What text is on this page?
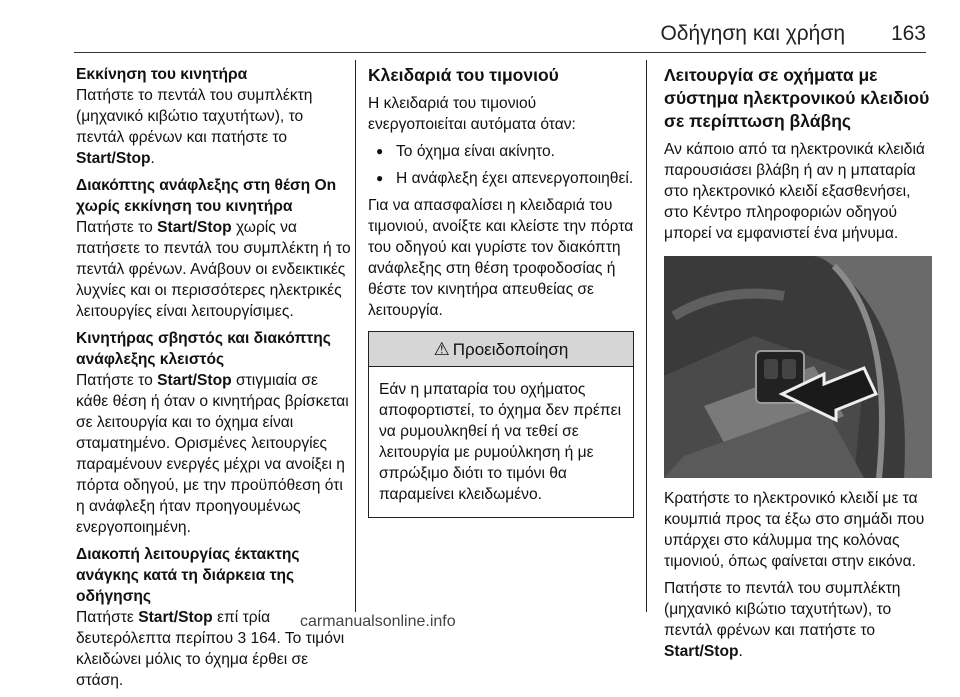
Οδήγηση και χρήση 163
Εκκίνηση του κινητήρα

Πατήστε το πεντάλ του συμπλέκτη (μηχανικό κιβώτιο ταχυτήτων), το πεντάλ φρένων και πατήστε το Start/Stop.

Διακόπτης ανάφλεξης στη θέση On χωρίς εκκίνηση του κινητήρα

Πατήστε το Start/Stop χωρίς να πατήσετε το πεντάλ του συμπλέκτη ή το πεντάλ φρένων. Ανάβουν οι ενδεικτικές λυχνίες και οι περισσότερες ηλεκτρικές λειτουργίες είναι λειτουργίσιμες.

Κινητήρας σβηστός και διακόπτης ανάφλεξης κλειστός

Πατήστε το Start/Stop στιγμιαία σε κάθε θέση ή όταν ο κινητήρας βρίσκεται σε λειτουργία και το όχημα είναι σταματημένο. Ορισμένες λειτουργίες παραμένουν ενεργές μέχρι να ανοίξει η πόρτα οδηγού, με την προϋπόθεση ότι η ανάφλεξη ήταν προηγουμένως ενεργοποιημένη.

Διακοπή λειτουργίας έκτακτης ανάγκης κατά τη διάρκεια της οδήγησης

Πατήστε Start/Stop επί τρία δευτερόλεπτα περίπου 3 164. Το τιμόνι κλειδώνει μόλις το όχημα έρθει σε στάση.

Κλειδαριά του τιμονιού

Η κλειδαριά του τιμονιού ενεργοποιείται αυτόματα όταν:

● Το όχημα είναι ακίνητο.
● Η ανάφλεξη έχει απενεργοποιηθεί.

Για να απασφαλίσει η κλειδαριά του τιμονιού, ανοίξτε και κλείστε την πόρτα του οδηγού και γυρίστε τον διακόπτη ανάφλεξης στη θέση τροφοδοσίας ή θέστε τον κινητήρα απευθείας σε λειτουργία.

⚠ Προειδοποίηση
Εάν η μπαταρία του οχήματος αποφορτιστεί, το όχημα δεν πρέπει να ρυμουλκηθεί ή να τεθεί σε λειτουργία με ρυμούλκηση ή με σπρώξιμο διότι το τιμόνι θα παραμείνει κλειδωμένο.
Λειτουργία σε οχήματα με σύστημα ηλεκτρονικού κλειδιού σε περίπτωση βλάβης

Αν κάποιο από τα ηλεκτρονικά κλειδιά παρουσιάσει βλάβη ή αν η μπαταρία στο ηλεκτρονικό κλειδί εξασθενήσει, στο Κέντρο πληροφοριών οδηγού μπορεί να εμφανιστεί ένα μήνυμα.

Κρατήστε το ηλεκτρονικό κλειδί με τα κουμπιά προς τα έξω στο σημάδι που υπάρχει στο κάλυμμα της κολόνας τιμονιού, όπως φαίνεται στην εικόνα.

Πατήστε το πεντάλ του συμπλέκτη (μηχανικό κιβώτιο ταχυτήτων), το πεντάλ φρένων και πατήστε το Start/Stop.

carmanualsonline.info
